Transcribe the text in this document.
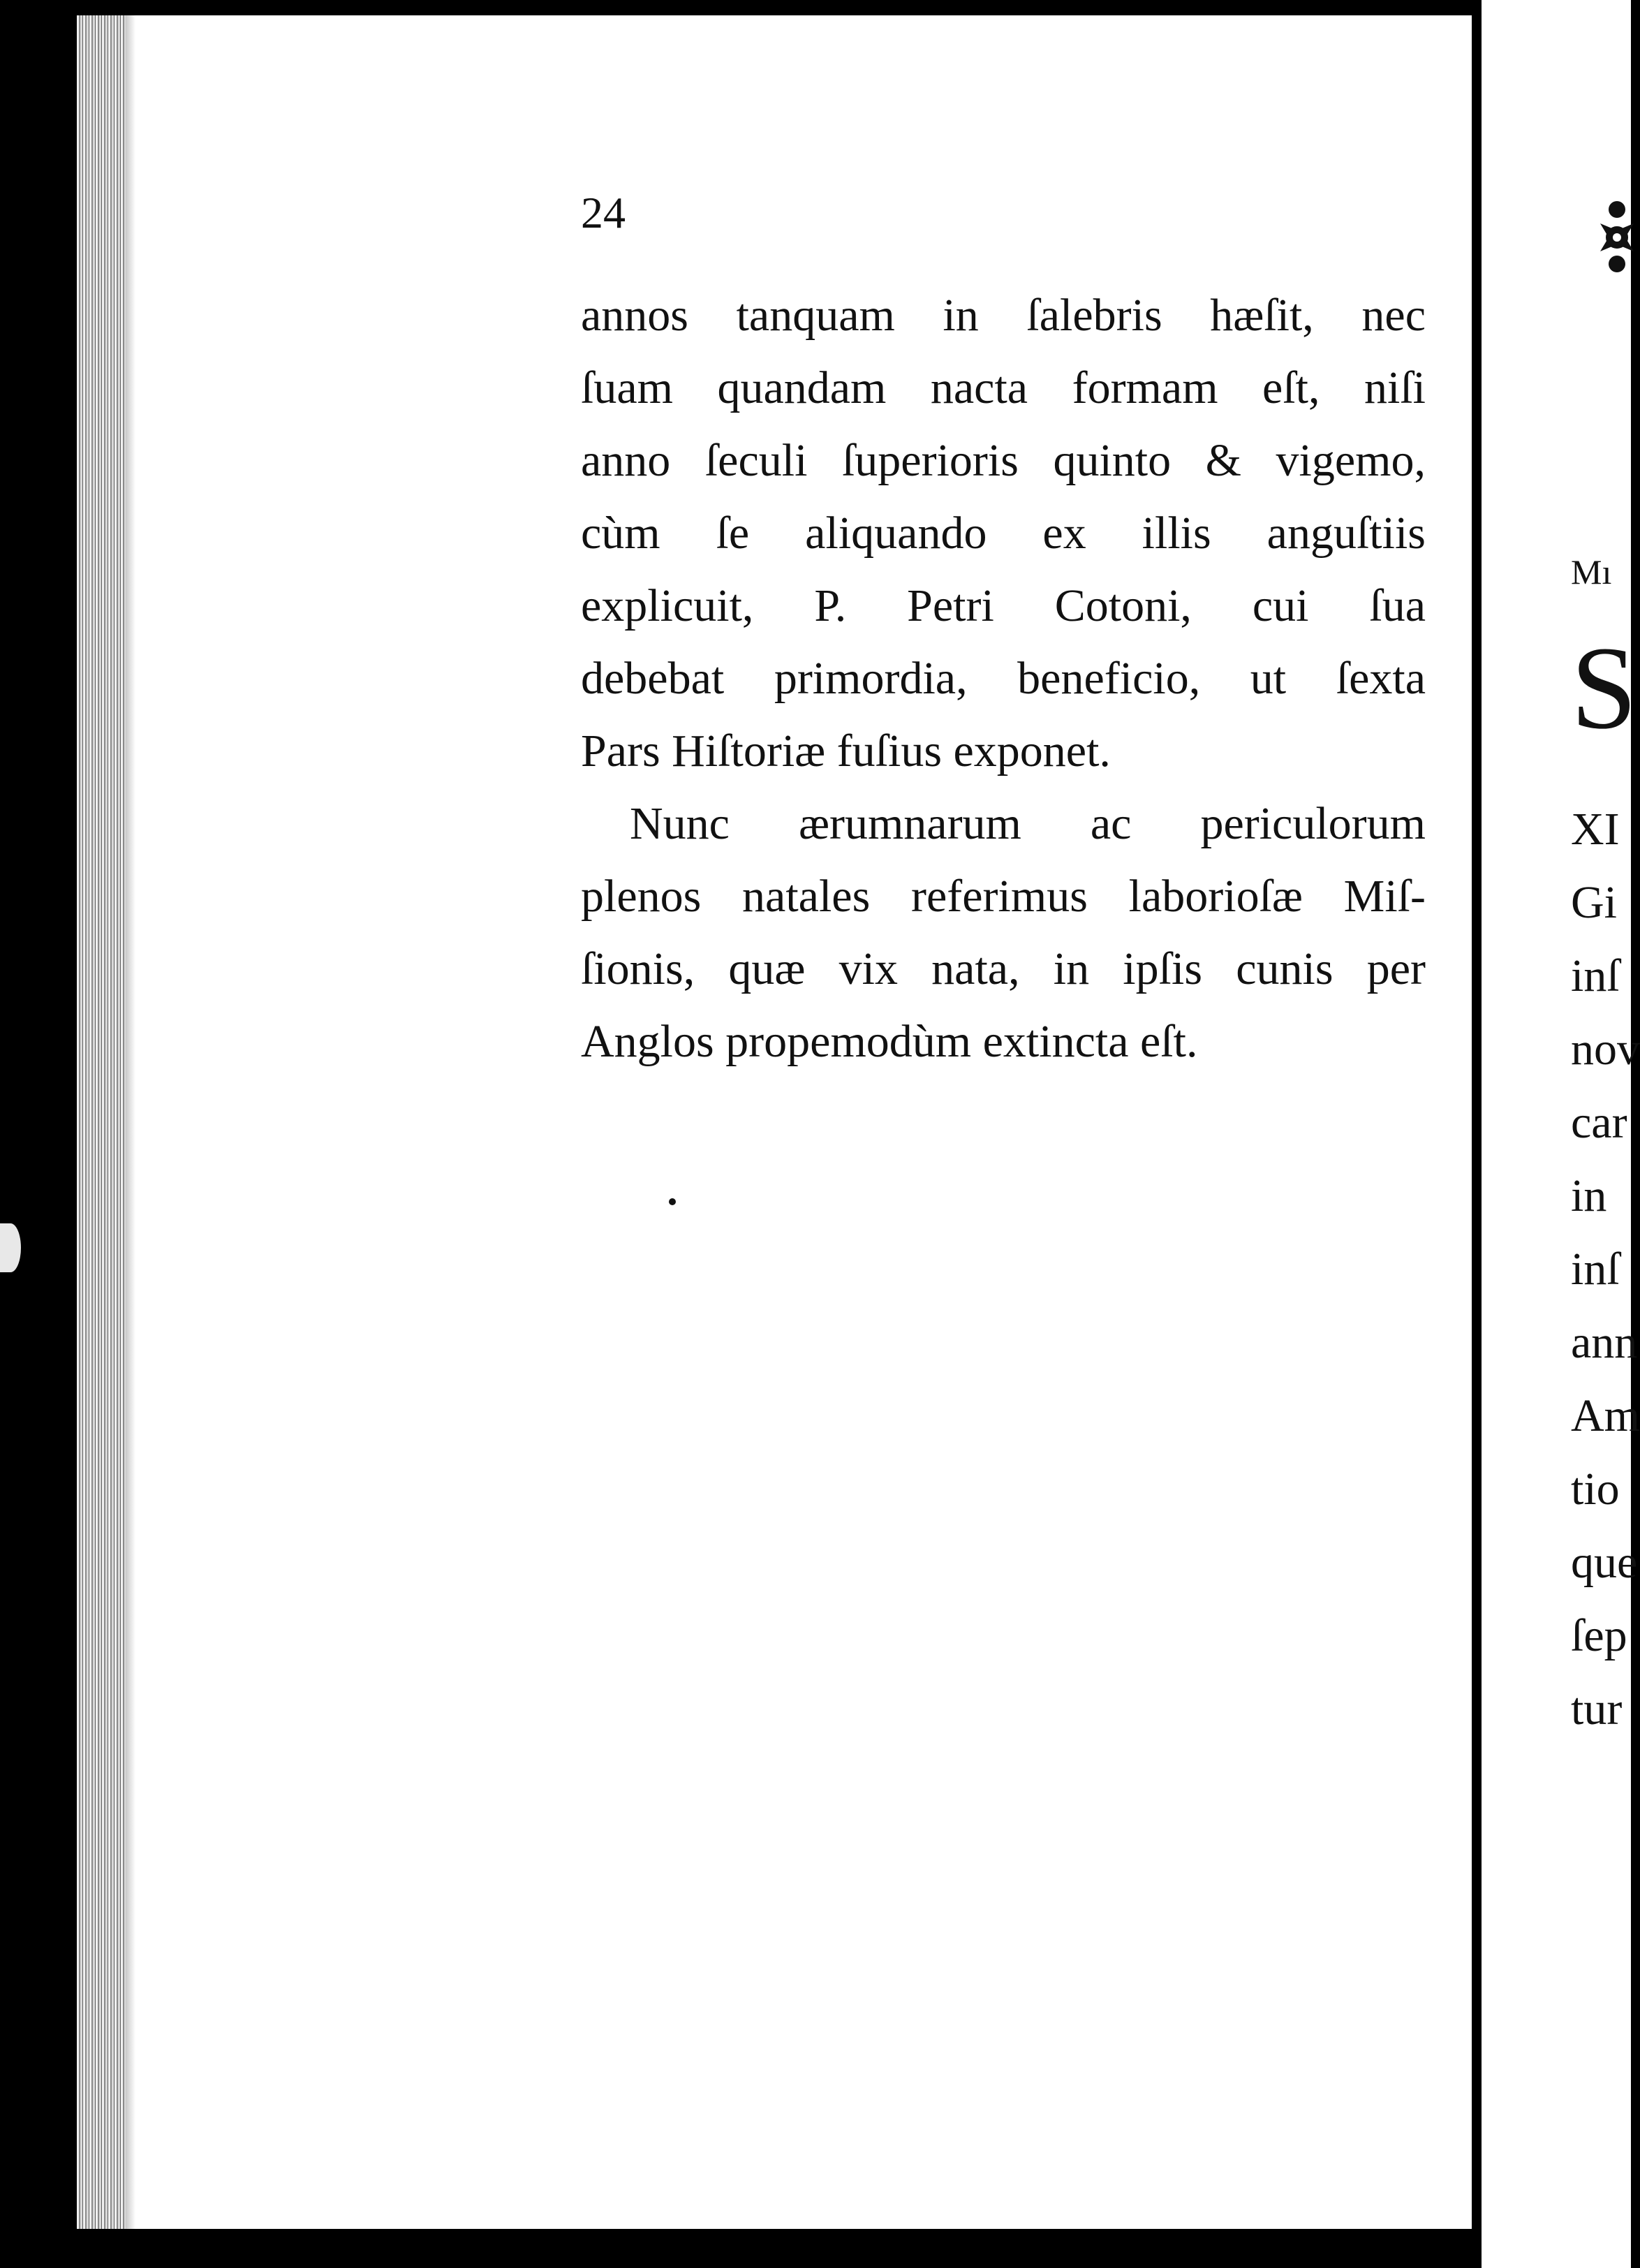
24
annos tanquam in ſalebris hæſit, nec
ſuam quandam nacta formam eſt, niſi
anno ſeculi ſuperioris quinto & vigemo,
cùm ſe aliquando ex illis anguſtiis
explicuit, P. Petri Cotoni, cui ſua
debebat primordia, beneficio, ut ſexta
Pars Hiſtoriæ fuſius exponet.
Nunc ærumnarum ac periculorum
plenos natales referimus laborioſæ Miſ-
ſionis, quæ vix nata, in ipſis cunis per
Anglos propemodùm extincta eſt.
Mı
S
XI
Gi
inſ
nov
car
in
inſ
ann
Am
tio
que
ſep
tur
